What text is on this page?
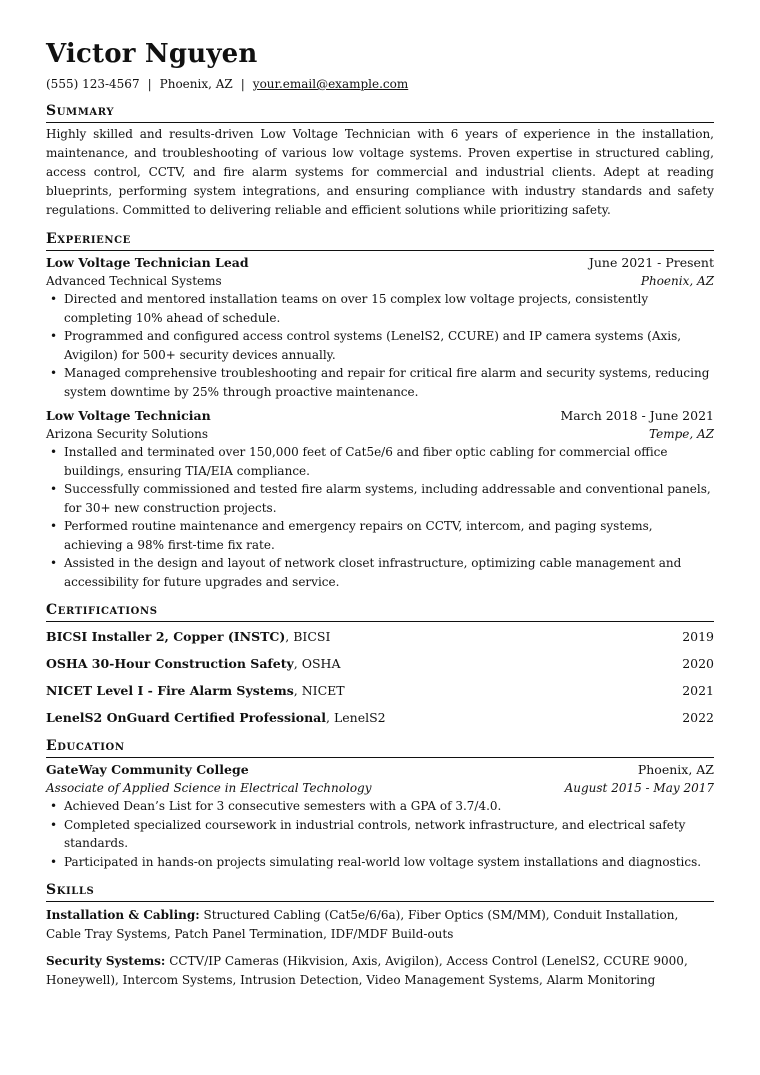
Victor Nguyen
(555) 123-4567 | Phoenix, AZ | your.email@example.com
Summary
Highly skilled and results-driven Low Voltage Technician with 6 years of experience in the installation, maintenance, and troubleshooting of various low voltage systems. Proven expertise in structured cabling, access control, CCTV, and fire alarm systems for commercial and industrial clients. Adept at reading blueprints, performing system integrations, and ensuring compliance with industry standards and safety regulations. Committed to delivering reliable and efficient solutions while prioritizing safety.
Experience
Low Voltage Technician Lead	June 2021 - Present
Advanced Technical Systems	Phoenix, AZ
• Directed and mentored installation teams on over 15 complex low voltage projects, consistently completing 10% ahead of schedule.
• Programmed and configured access control systems (LenelS2, CCURE) and IP camera systems (Axis, Avigilon) for 500+ security devices annually.
• Managed comprehensive troubleshooting and repair for critical fire alarm and security systems, reducing system downtime by 25% through proactive maintenance.
Low Voltage Technician	March 2018 - June 2021
Arizona Security Solutions	Tempe, AZ
• Installed and terminated over 150,000 feet of Cat5e/6 and fiber optic cabling for commercial office buildings, ensuring TIA/EIA compliance.
• Successfully commissioned and tested fire alarm systems, including addressable and conventional panels, for 30+ new construction projects.
• Performed routine maintenance and emergency repairs on CCTV, intercom, and paging systems, achieving a 98% first-time fix rate.
• Assisted in the design and layout of network closet infrastructure, optimizing cable management and accessibility for future upgrades and service.
Certifications
BICSI Installer 2, Copper (INSTC), BICSI	2019
OSHA 30-Hour Construction Safety, OSHA	2020
NICET Level I - Fire Alarm Systems, NICET	2021
LenelS2 OnGuard Certified Professional, LenelS2	2022
Education
GateWay Community College	Phoenix, AZ
Associate of Applied Science in Electrical Technology	August 2015 - May 2017
• Achieved Dean’s List for 3 consecutive semesters with a GPA of 3.7/4.0.
• Completed specialized coursework in industrial controls, network infrastructure, and electrical safety standards.
• Participated in hands-on projects simulating real-world low voltage system installations and diagnostics.
Skills
Installation & Cabling: Structured Cabling (Cat5e/6/6a), Fiber Optics (SM/MM), Conduit Installation, Cable Tray Systems, Patch Panel Termination, IDF/MDF Build-outs
Security Systems: CCTV/IP Cameras (Hikvision, Axis, Avigilon), Access Control (LenelS2, CCURE 9000, Honeywell), Intercom Systems, Intrusion Detection, Video Management Systems, Alarm Monitoring
